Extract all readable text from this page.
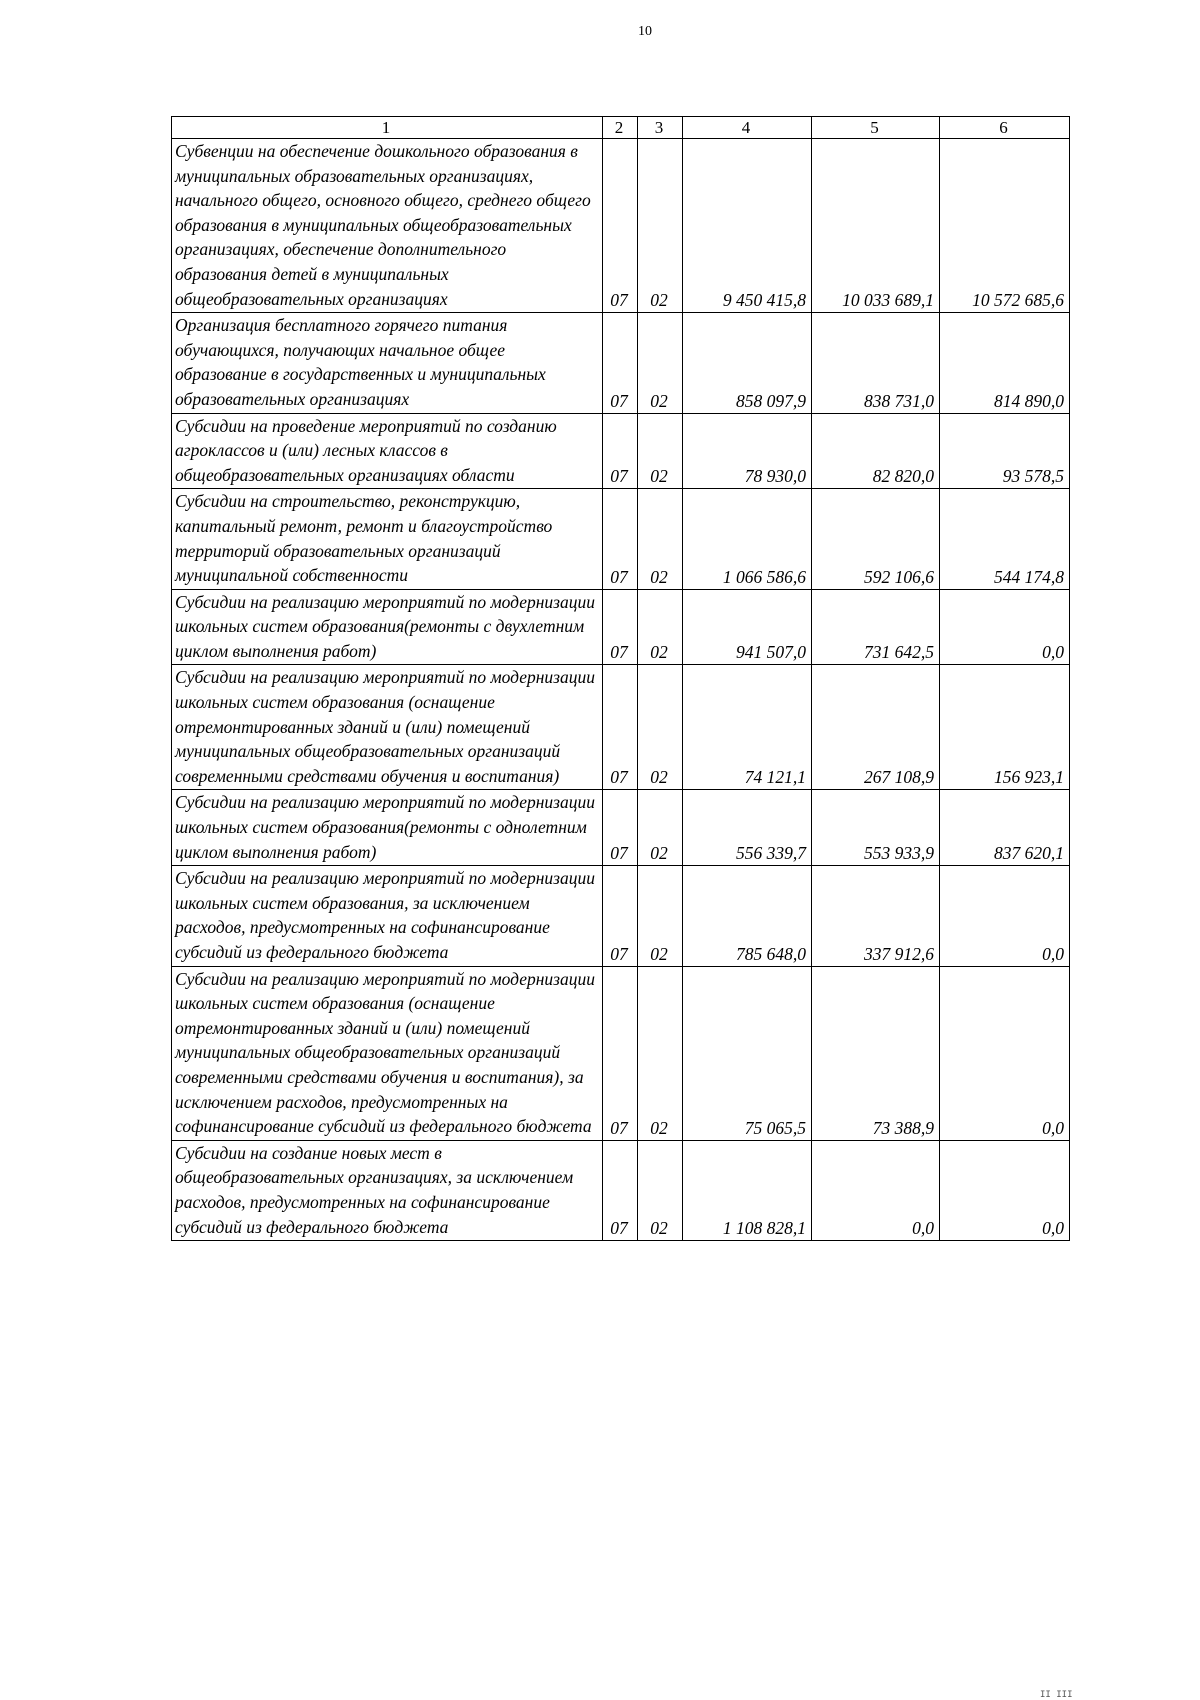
10
1	2	3	4	5	6
Субвенции на обеспечение дошкольного образования в муниципальных образовательных организациях, начального общего, основного общего, среднего общего образования в муниципальных общеобразовательных организациях, обеспечение дополнительного образования детей в муниципальных общеобразовательных организациях	07	02	9 450 415,8	10 033 689,1	10 572 685,6
Организация бесплатного горячего питания обучающихся, получающих начальное общее образование в государственных и муниципальных образовательных организациях	07	02	858 097,9	838 731,0	814 890,0
Субсидии на проведение мероприятий по созданию агроклассов и (или) лесных классов в общеобразовательных организациях области	07	02	78 930,0	82 820,0	93 578,5
Субсидии на строительство, реконструкцию, капитальный ремонт, ремонт и благоустройство территорий образовательных организаций муниципальной собственности	07	02	1 066 586,6	592 106,6	544 174,8
Субсидии на реализацию мероприятий по модернизации школьных систем образования(ремонты с двухлетним циклом выполнения работ)	07	02	941 507,0	731 642,5	0,0
Субсидии на реализацию мероприятий по модернизации школьных систем образования (оснащение отремонтированных зданий и (или) помещений муниципальных общеобразовательных организаций современными средствами обучения и воспитания)	07	02	74 121,1	267 108,9	156 923,1
Субсидии на реализацию мероприятий по модернизации школьных систем образования(ремонты с однолетним циклом выполнения работ)	07	02	556 339,7	553 933,9	837 620,1
Субсидии на реализацию мероприятий по модернизации школьных систем образования, за исключением расходов, предусмотренных на софинансирование субсидий из федерального бюджета	07	02	785 648,0	337 912,6	0,0
Субсидии на реализацию мероприятий по модернизации школьных систем образования (оснащение отремонтированных зданий и (или) помещений муниципальных общеобразовательных организаций современными средствами обучения и воспитания), за исключением расходов, предусмотренных на софинансирование субсидий из федерального бюджета	07	02	75 065,5	73 388,9	0,0
Субсидии на создание новых мест в общеобразовательных организациях, за исключением расходов, предусмотренных на софинансирование субсидий из федерального бюджета	07	02	1 108 828,1	0,0	0,0
II III
